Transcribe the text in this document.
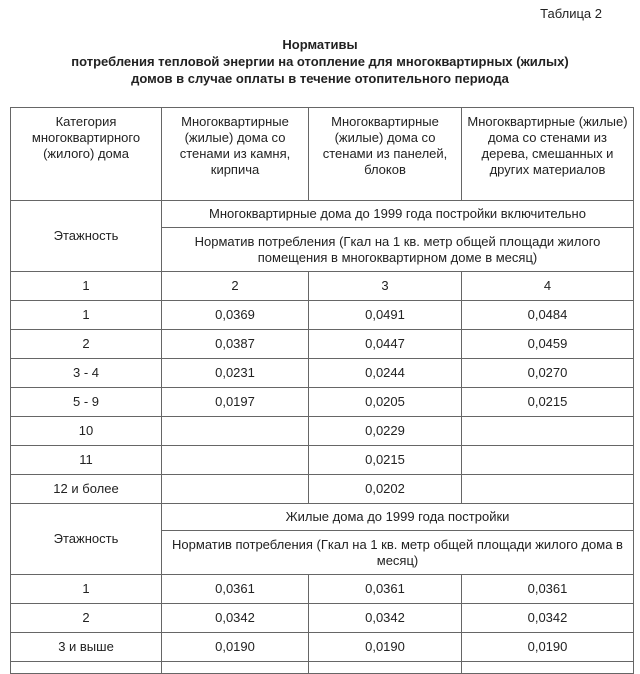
Таблица 2
Нормативы
потребления тепловой энергии на отопление для многоквартирных (жилых)
домов в случае оплаты в течение отопительного периода
Категория многоквартирного (жилого) дома	Многоквартирные (жилые) дома со стенами из камня, кирпича	Многоквартирные (жилые) дома со стенами из панелей, блоков	Многоквартирные (жилые) дома со стенами из дерева, смешанных и других материалов
Этажность	Многоквартирные дома до 1999 года постройки включительно		
	Норматив потребления (Гкал на 1 кв. метр общей площади жилого помещения в многоквартирном доме в месяц)		
1	2	3	4
1	0,0369	0,0491	0,0484
2	0,0387	0,0447	0,0459
3 - 4	0,0231	0,0244	0,0270
5 - 9	0,0197	0,0205	0,0215
10		0,0229	
11		0,0215	
12 и более		0,0202	
Этажность	Жилые дома до 1999 года постройки		
	Норматив потребления (Гкал на 1 кв. метр общей площади жилого дома в месяц)		
1	0,0361	0,0361	0,0361
2	0,0342	0,0342	0,0342
3 и выше	0,0190	0,0190	0,0190
